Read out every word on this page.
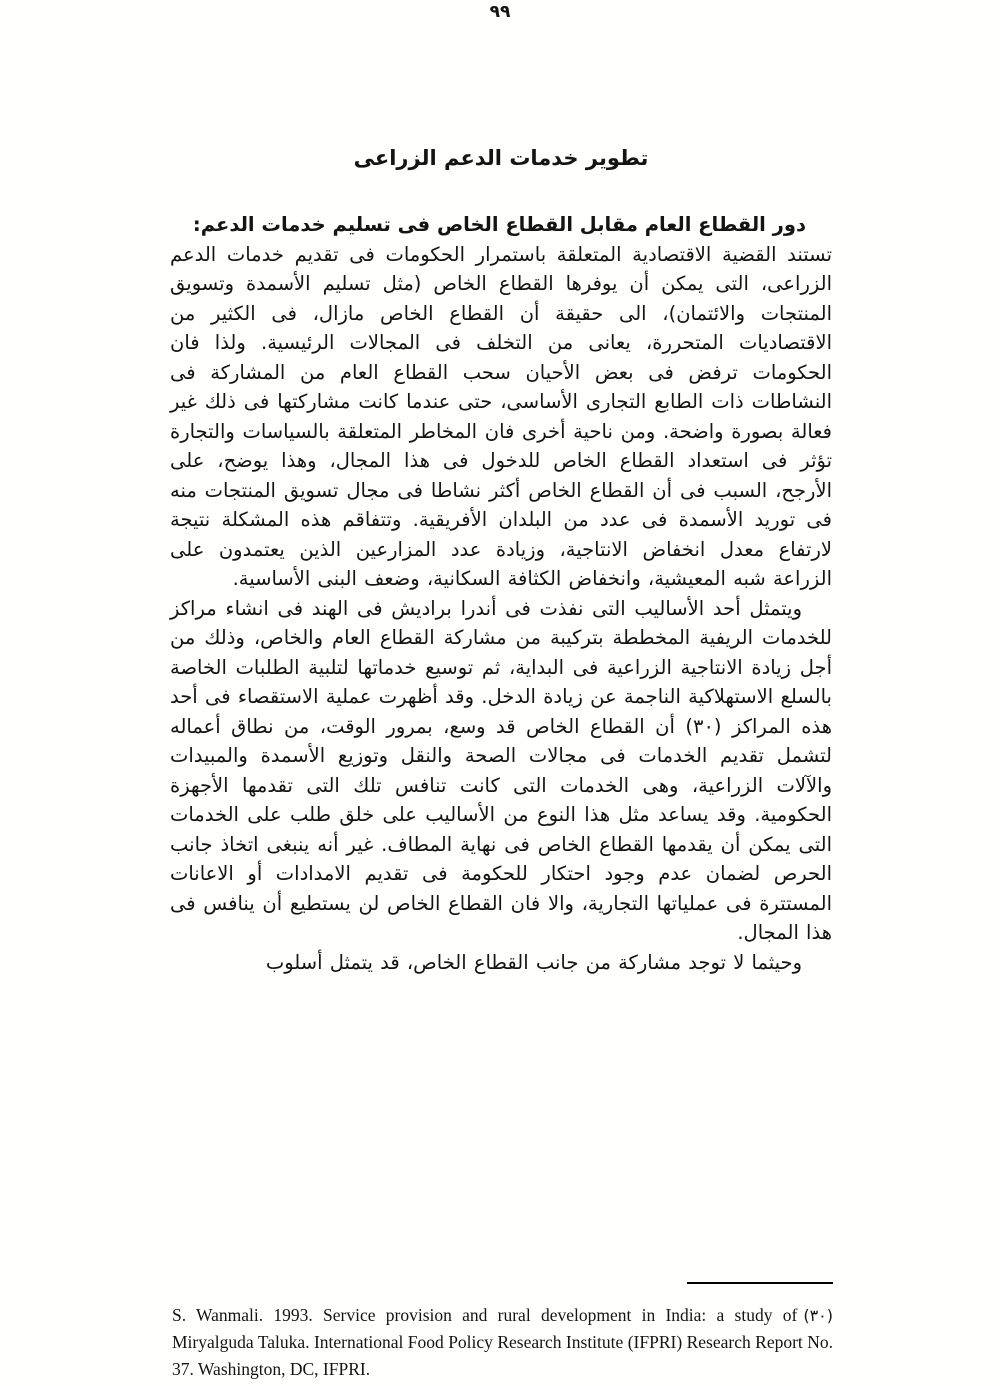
٩٩
تطوير خدمات الدعم الزراعى
دور القطاع العام مقابل القطاع الخاص فى تسليم خدمات الدعم:

تستند القضية الاقتصادية المتعلقة باستمرار الحكومات فى تقديم خدمات الدعم الزراعى، التى يمكن أن يوفرها القطاع الخاص (مثل تسليم الأسمدة وتسويق المنتجات والائتمان)، الى حقيقة أن القطاع الخاص مازال، فى الكثير من الاقتصاديات المتحررة، يعانى من التخلف فى المجالات الرئيسية. ولذا فان الحكومات ترفض فى بعض الأحيان سحب القطاع العام من المشاركة فى النشاطات ذات الطابع التجارى الأساسى، حتى عندما كانت مشاركتها فى ذلك غير فعالة بصورة واضحة. ومن ناحية أخرى فان المخاطر المتعلقة بالسياسات والتجارة تؤثر فى استعداد القطاع الخاص للدخول فى هذا المجال، وهذا يوضح، على الأرجح، السبب فى أن القطاع الخاص أكثر نشاطا فى مجال تسويق المنتجات منه فى توريد الأسمدة فى عدد من البلدان الأفريقية. وتتفاقم هذه المشكلة نتيجة لارتفاع معدل انخفاض الانتاجية، وزيادة عدد المزارعين الذين يعتمدون على الزراعة شبه المعيشية، وانخفاض الكثافة السكانية، وضعف البنى الأساسية.

ويتمثل أحد الأساليب التى نفذت فى أندرا براديش فى الهند فى انشاء مراكز للخدمات الريفية المخططة بتركيبة من مشاركة القطاع العام والخاص، وذلك من أجل زيادة الانتاجية الزراعية فى البداية، ثم توسيع خدماتها لتلبية الطلبات الخاصة بالسلع الاستهلاكية الناجمة عن زيادة الدخل. وقد أظهرت عملية الاستقصاء فى أحد هذه المراكز (٣٠) أن القطاع الخاص قد وسع، بمرور الوقت، من نطاق أعماله لتشمل تقديم الخدمات فى مجالات الصحة والنقل وتوزيع الأسمدة والمبيدات والآلات الزراعية، وهى الخدمات التى كانت تنافس تلك التى تقدمها الأجهزة الحكومية. وقد يساعد مثل هذا النوع من الأساليب على خلق طلب على الخدمات التى يمكن أن يقدمها القطاع الخاص فى نهاية المطاف. غير أنه ينبغى اتخاذ جانب الحرص لضمان عدم وجود احتكار للحكومة فى تقديم الامدادات أو الاعانات المستترة فى عملياتها التجارية، والا فان القطاع الخاص لن يستطيع أن ينافس فى هذا المجال.

وحيثما لا توجد مشاركة من جانب القطاع الخاص، قد يتمثل أسلوب

(٣٠)
S. Wanmali. 1993. Service provision and rural development in India: a study of Miryalguda Taluka. International Food Policy Research Institute (IFPRI) Research Report No. 37. Washington, DC, IFPRI.
